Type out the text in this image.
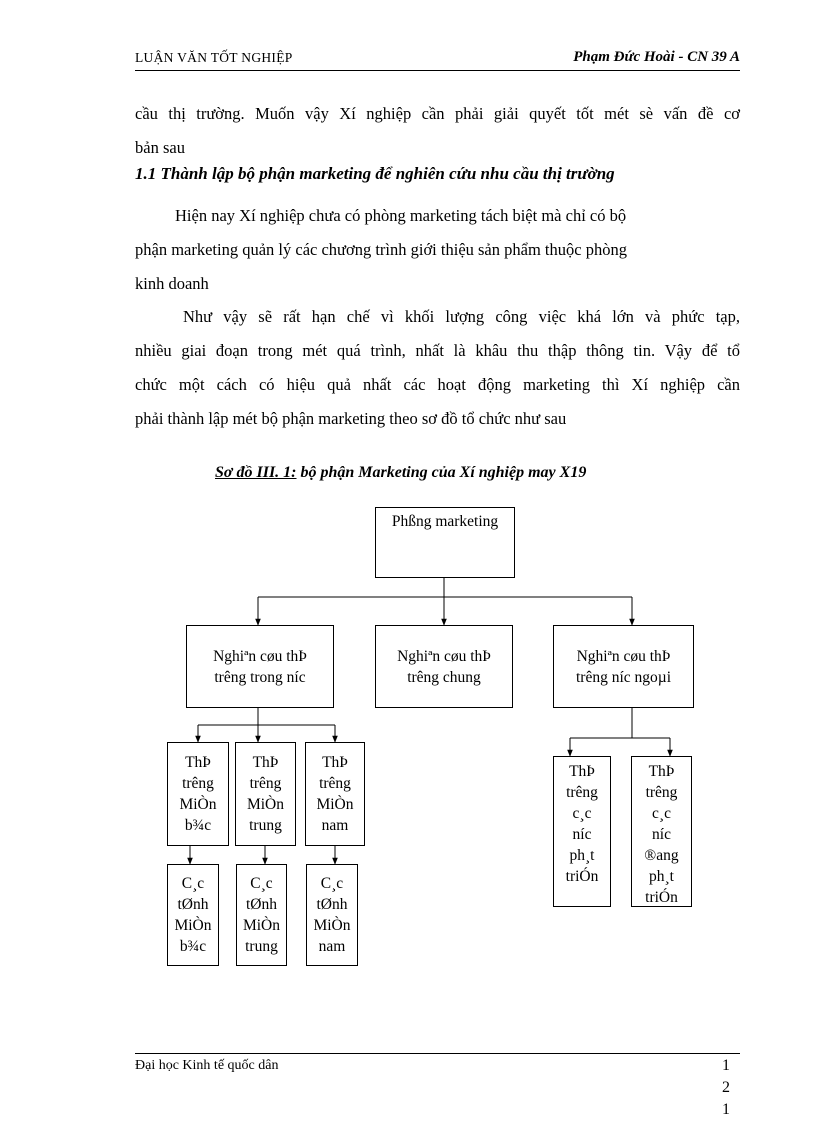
LUẬN VĂN TỐT NGHIỆP	Phạm Đức Hoài - CN 39 A
cầu thị trường. Muốn vậy Xí nghiệp cần phải giải quyết tốt mét sè vấn đề cơ
bản sau
1.1 Thành lập bộ phận marketing để nghiên cứu nhu cầu thị trường
Hiện nay Xí nghiệp chưa có phòng marketing tách biệt mà chỉ có bộ
phận marketing quản lý các chương trình giới thiệu sản phẩm thuộc phòng
kinh doanh
Như vậy sẽ rất hạn chế vì khối lượng công việc khá lớn và phức tạp,
nhiều giai đoạn trong mét quá trình, nhất là khâu thu thập thông tin. Vậy để tổ
chức một cách có hiệu quả nhất các hoạt động marketing thì Xí nghiệp cần
phải thành lập mét bộ phận marketing theo sơ đồ tổ chức như sau
Sơ đồ III. 1: bộ phận Marketing của Xí nghiệp may X19
Phßng marketing
Nghiªn cøu thÞ
trêng trong níc
Nghiªn cøu thÞ
trêng chung
Nghiªn cøu thÞ
trêng níc ngoµi
ThÞ
trêng
MiÒn
b¾c
ThÞ
trêng
MiÒn
trung
ThÞ
trêng
MiÒn
nam
C¸c
tØnh
MiÒn
b¾c
C¸c
tØnh
MiÒn
trung
C¸c
tØnh
MiÒn
nam
ThÞ
trêng
c¸c
níc
ph¸t
triÓn
ThÞ
trêng
c¸c
níc
®ang
ph¸t
triÓn
Đại học Kinh tế quốc dân	1
2
1
